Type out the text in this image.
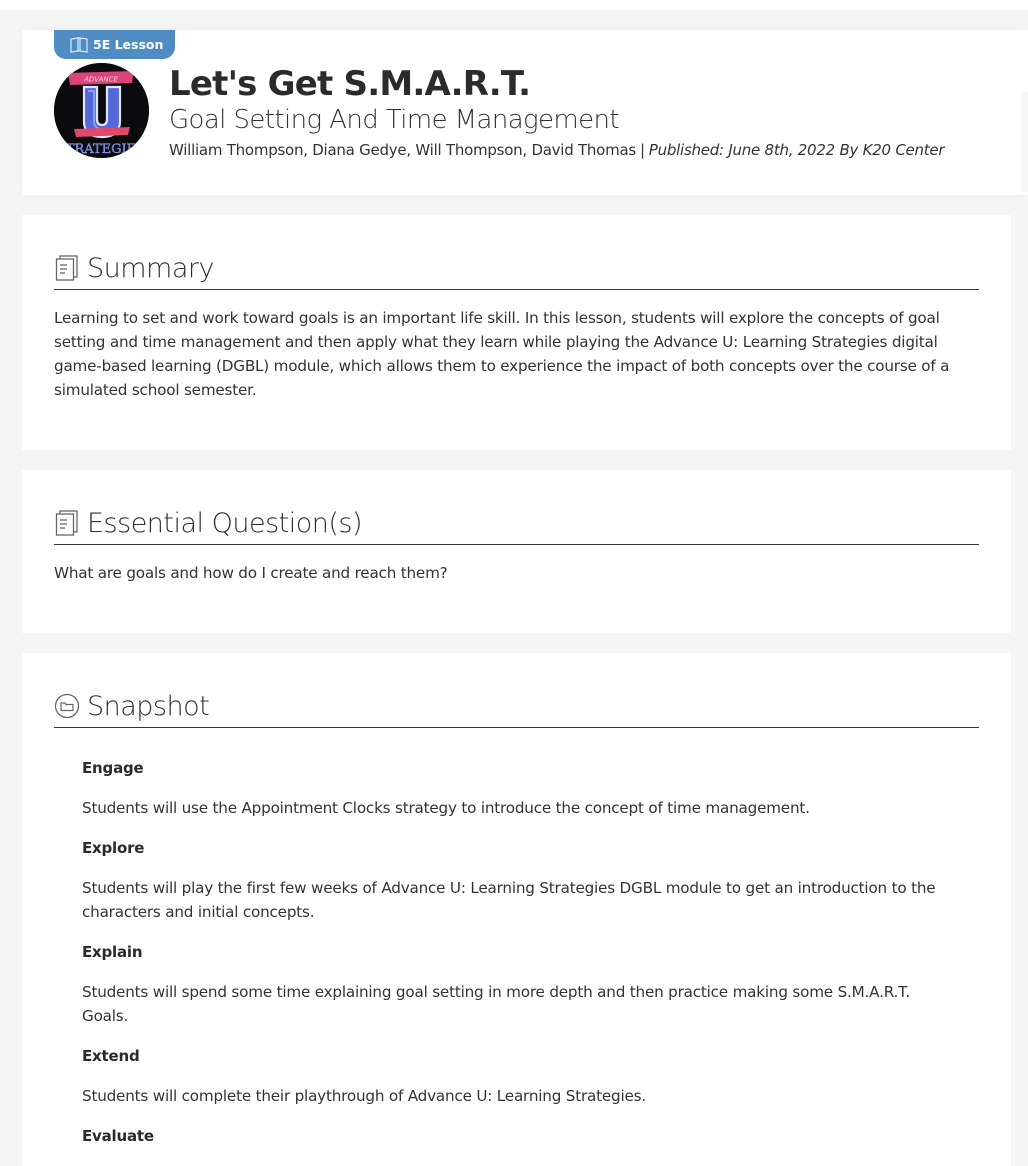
5E Lesson
ADVANCE
STRATEGIES
Let's Get S.M.A.R.T.
Goal Setting And Time Management
William Thompson, Diana Gedye, Will Thompson, David Thomas | Published: June 8th, 2022 By K20 Center
Summary

Learning to set and work toward goals is an important life skill. In this lesson, students will explore the concepts of goal setting and time management and then apply what they learn while playing the Advance U: Learning Strategies digital game-based learning (DGBL) module, which allows them to experience the impact of both concepts over the course of a simulated school semester.

Essential Question(s)

What are goals and how do I create and reach them?

Snapshot
Engage
Students will use the Appointment Clocks strategy to introduce the concept of time management.
Explore
Students will play the first few weeks of Advance U: Learning Strategies DGBL module to get an introduction to the characters and initial concepts.
Explain
Students will spend some time explaining goal setting in more depth and then practice making some S.M.A.R.T. Goals.
Extend
Students will complete their playthrough of Advance U: Learning Strategies.
Evaluate
